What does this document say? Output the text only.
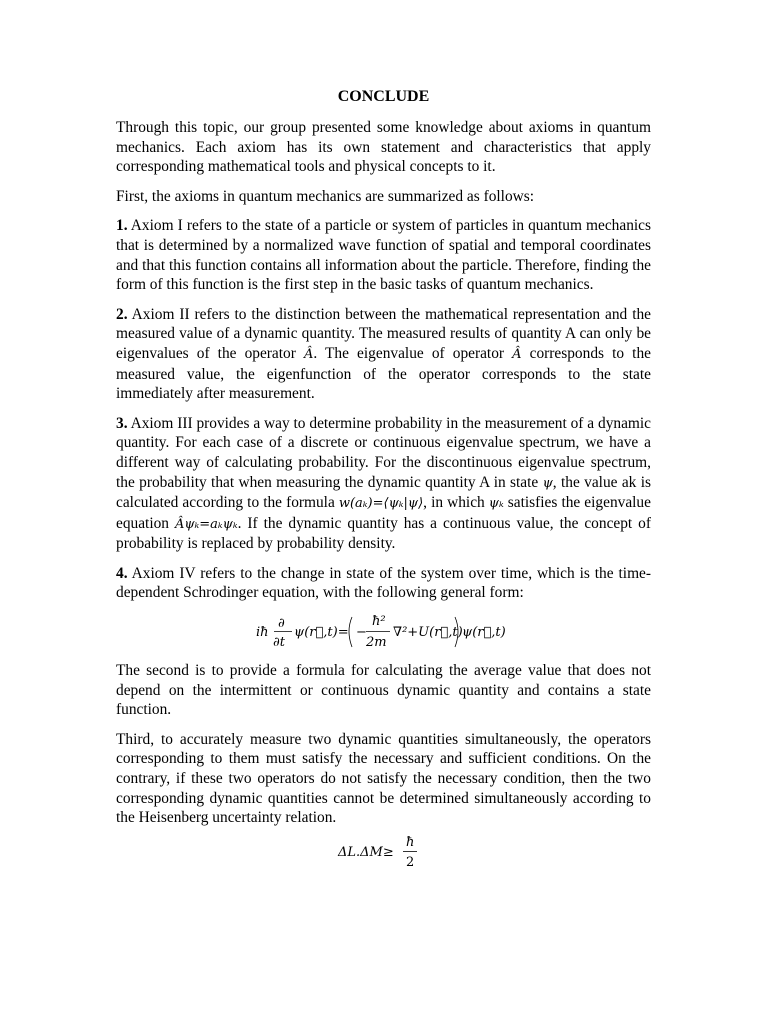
CONCLUDE

Through this topic, our group presented some knowledge about axioms in quantum mechanics. Each axiom has its own statement and characteristics that apply corresponding mathematical tools and physical concepts to it.

First, the axioms in quantum mechanics are summarized as follows:

1. Axiom I refers to the state of a particle or system of particles in quantum mechanics that is determined by a normalized wave function of spatial and temporal coordinates and that this function contains all information about the particle. Therefore, finding the form of this function is the first step in the basic tasks of quantum mechanics.

2. Axiom II refers to the distinction between the mathematical representation and the measured value of a dynamic quantity. The measured results of quantity A can only be eigenvalues of the operator Â. The eigenvalue of operator Â corresponds to the measured value, the eigenfunction of the operator corresponds to the state immediately after measurement.

3. Axiom III provides a way to determine probability in the measurement of a dynamic quantity. For each case of a discrete or continuous eigenvalue spectrum, we have a different way of calculating probability. For the discontinuous eigenvalue spectrum, the probability that when measuring the dynamic quantity A in state ψ, the value ak is calculated according to the formula w(aₖ)=⟨ψₖ|ψ⟩, in which ψₖ satisfies the eigenvalue equation Âψₖ=aₖψₖ. If the dynamic quantity has a continuous value, the concept of probability is replaced by probability density.

4. Axiom IV refers to the change in state of the system over time, which is the time-dependent Schrodinger equation, with the following general form:

iħ
∂
∂t
ψ(r⃗,t)= −
ħ²
2m
∇²+U(r⃗,t) ψ(r⃗,t)

The second is to provide a formula for calculating the average value that does not depend on the intermittent or continuous dynamic quantity and contains a state function.

Third, to accurately measure two dynamic quantities simultaneously, the operators corresponding to them must satisfy the necessary and sufficient conditions. On the contrary, if these two operators do not satisfy the necessary condition, then the two corresponding dynamic quantities cannot be determined simultaneously according to the Heisenberg uncertainty relation.

ΔL.ΔM≥
ħ
2
